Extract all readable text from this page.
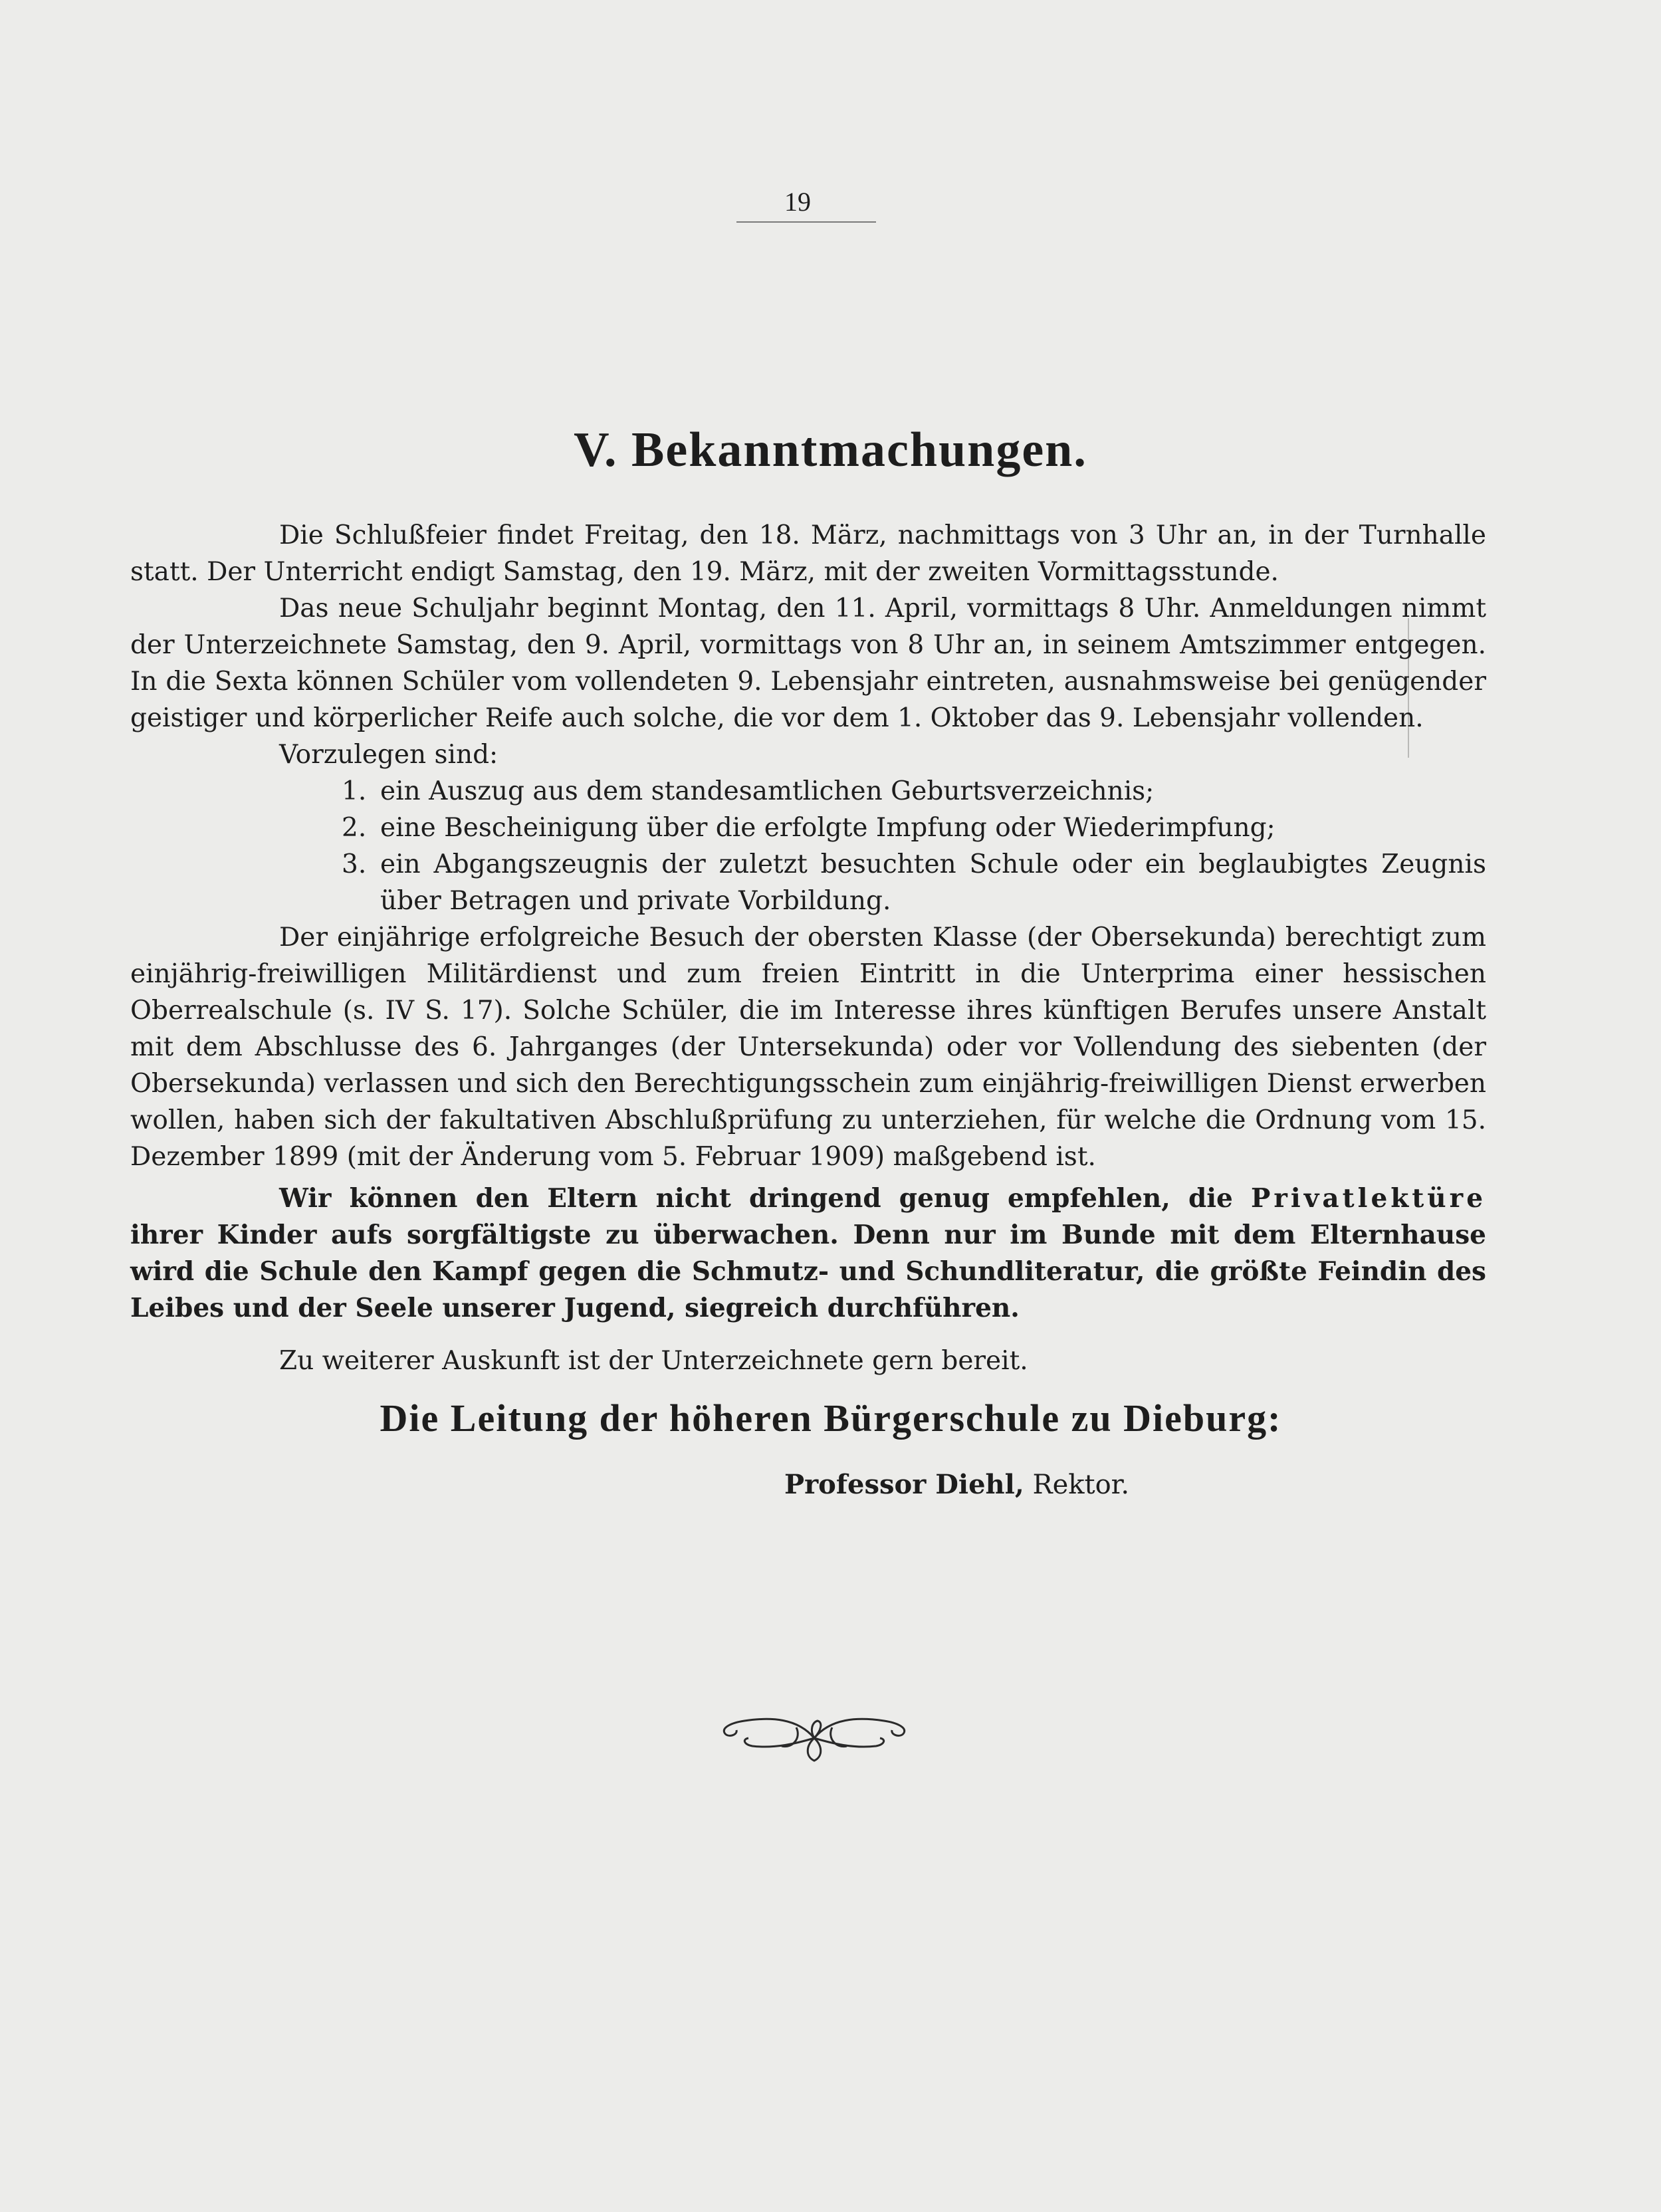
19
V. Bekanntmachungen.

Die Schlußfeier findet Freitag, den 18. März, nachmittags von 3 Uhr an, in der Turnhalle statt. Der Unterricht endigt Samstag, den 19. März, mit der zweiten Vormittagsstunde.

Das neue Schuljahr beginnt Montag, den 11. April, vormittags 8 Uhr. Anmeldungen nimmt der Unterzeichnete Samstag, den 9. April, vormittags von 8 Uhr an, in seinem Amtszimmer entgegen. In die Sexta können Schüler vom vollendeten 9. Lebensjahr eintreten, ausnahmsweise bei genügender geistiger und körperlicher Reife auch solche, die vor dem 1. Oktober das 9. Lebensjahr vollenden.

Vorzulegen sind:

1. ein Auszug aus dem standesamtlichen Geburtsverzeichnis;
2. eine Bescheinigung über die erfolgte Impfung oder Wiederimpfung;
3. ein Abgangszeugnis der zuletzt besuchten Schule oder ein beglaubigtes Zeugnis über Betragen und private Vorbildung.

Der einjährige erfolgreiche Besuch der obersten Klasse (der Obersekunda) berechtigt zum einjährig-freiwilligen Militärdienst und zum freien Eintritt in die Unterprima einer hessischen Oberrealschule (s. IV S. 17). Solche Schüler, die im Interesse ihres künftigen Berufes unsere Anstalt mit dem Abschlusse des 6. Jahrganges (der Untersekunda) oder vor Vollendung des siebenten (der Obersekunda) verlassen und sich den Berechtigungsschein zum einjährig-freiwilligen Dienst erwerben wollen, haben sich der fakultativen Abschlußprüfung zu unterziehen, für welche die Ordnung vom 15. Dezember 1899 (mit der Änderung vom 5. Februar 1909) maßgebend ist.

Wir können den Eltern nicht dringend genug empfehlen, die Privatlektüre ihrer Kinder aufs sorgfältigste zu überwachen. Denn nur im Bunde mit dem Elternhause wird die Schule den Kampf gegen die Schmutz- und Schundliteratur, die größte Feindin des Leibes und der Seele unserer Jugend, siegreich durchführen.

Zu weiterer Auskunft ist der Unterzeichnete gern bereit.

Die Leitung der höheren Bürgerschule zu Dieburg:
Professor Diehl, Rektor.
